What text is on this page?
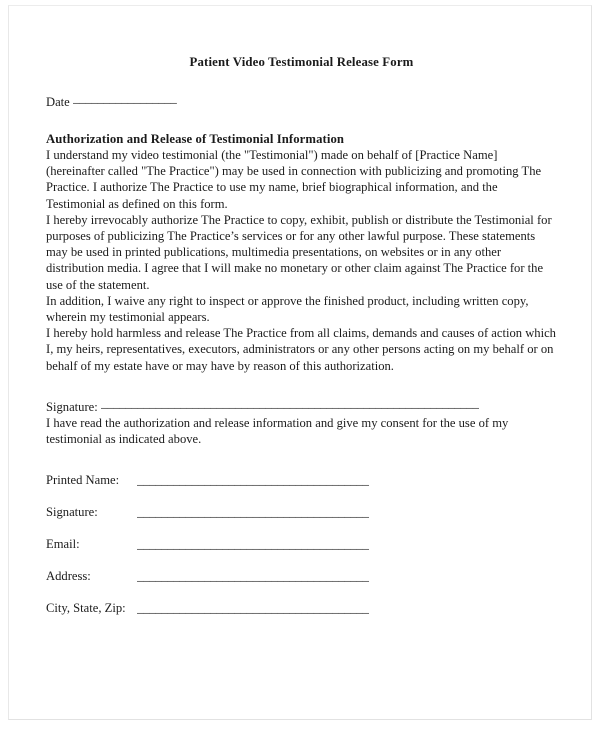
Patient Video Testimonial Release Form
Date _________________
Authorization and Release of Testimonial Information

I understand my video testimonial (the "Testimonial") made on behalf of [Practice Name] (hereinafter called "The Practice") may be used in connection with publicizing and promoting The Practice. I authorize The Practice to use my name, brief biographical information, and the Testimonial as defined on this form.

I hereby irrevocably authorize The Practice to copy, exhibit, publish or distribute the Testimonial for purposes of publicizing The Practice’s services or for any other lawful purpose. These statements may be used in printed publications, multimedia presentations, on websites or in any other distribution media. I agree that I will make no monetary or other claim against The Practice for the use of the statement.

In addition, I waive any right to inspect or approve the finished product, including written copy, wherein my testimonial appears.

I hereby hold harmless and release The Practice from all claims, demands and causes of action which I, my heirs, representatives, executors, administrators or any other persons acting on my behalf or on behalf of my estate have or may have by reason of this authorization.

Signature: ______________________________________________________________

I have read the authorization and release information and give my consent for the use of my testimonial as indicated above.

Printed Name:	______________________________________
Signature:	______________________________________
Email:	______________________________________
Address:	______________________________________
City, State, Zip: ______________________________________
